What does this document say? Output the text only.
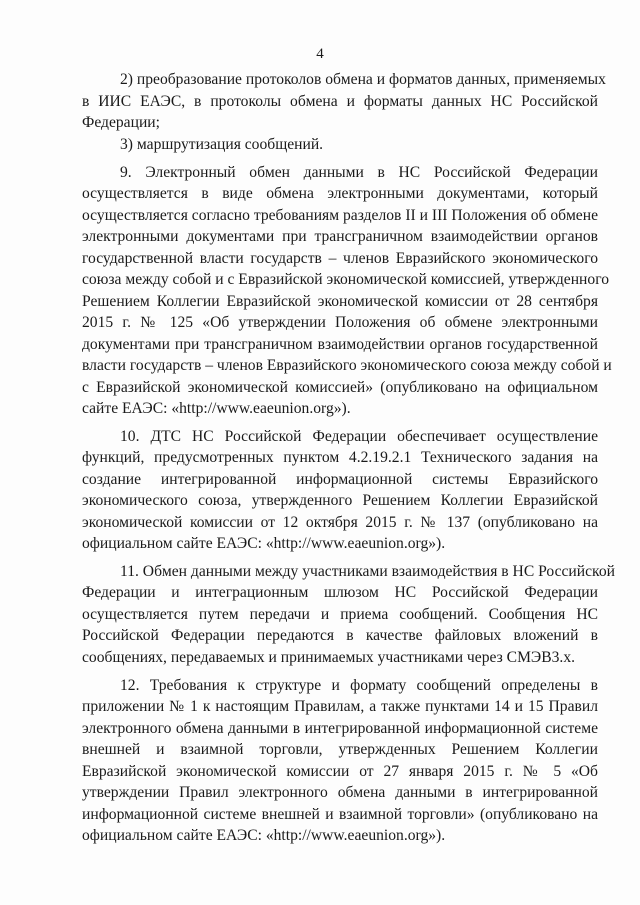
4
2) преобразование протоколов обмена и форматов данных, применяемых
в ИИС ЕАЭС, в протоколы обмена и форматы данных НС Российской
Федерации;
3) маршрутизация сообщений.
9. Электронный обмен данными в НС Российской Федерации
осуществляется в виде обмена электронными документами, который
осуществляется согласно требованиям разделов II и III Положения об обмене
электронными документами при трансграничном взаимодействии органов
государственной власти государств – членов Евразийского экономического
союза между собой и с Евразийской экономической комиссией, утвержденного
Решением Коллегии Евразийской экономической комиссии от 28 сентября
2015 г. № 125 «Об утверждении Положения об обмене электронными
документами при трансграничном взаимодействии органов государственной
власти государств – членов Евразийского экономического союза между собой и
с Евразийской экономической комиссией» (опубликовано на официальном
сайте ЕАЭС: «http://www.eaeunion.org»).
10. ДТС НС Российской Федерации обеспечивает осуществление
функций, предусмотренных пунктом 4.2.19.2.1 Технического задания на
создание интегрированной информационной системы Евразийского
экономического союза, утвержденного Решением Коллегии Евразийской
экономической комиссии от 12 октября 2015 г. № 137 (опубликовано на
официальном сайте ЕАЭС: «http://www.eaeunion.org»).
11. Обмен данными между участниками взаимодействия в НС Российской
Федерации и интеграционным шлюзом НС Российской Федерации
осуществляется путем передачи и приема сообщений. Сообщения НС
Российской Федерации передаются в качестве файловых вложений в
сообщениях, передаваемых и принимаемых участниками через СМЭВ3.х.
12. Требования к структуре и формату сообщений определены в
приложении № 1 к настоящим Правилам, а также пунктами 14 и 15 Правил
электронного обмена данными в интегрированной информационной системе
внешней и взаимной торговли, утвержденных Решением Коллегии
Евразийской экономической комиссии от 27 января 2015 г. № 5 «Об
утверждении Правил электронного обмена данными в интегрированной
информационной системе внешней и взаимной торговли» (опубликовано на
официальном сайте ЕАЭС: «http://www.eaeunion.org»).
